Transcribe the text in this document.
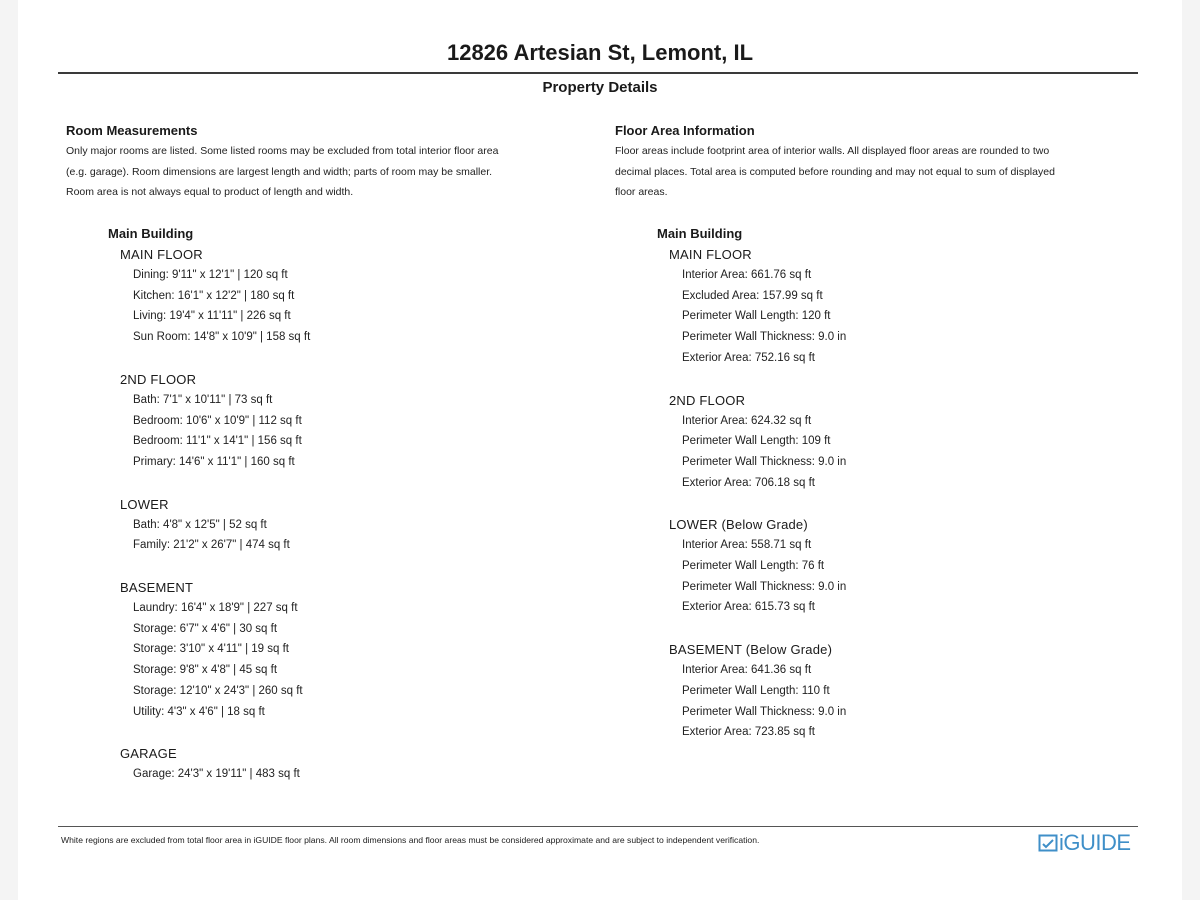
12826 Artesian St, Lemont, IL
Property Details
Room Measurements
Only major rooms are listed. Some listed rooms may be excluded from total interior floor area
(e.g. garage). Room dimensions are largest length and width; parts of room may be smaller.
Room area is not always equal to product of length and width.
Main Building
MAIN FLOOR
Dining: 9'11" x 12'1" | 120 sq ft
Kitchen: 16'1" x 12'2" | 180 sq ft
Living: 19'4" x 11'11" | 226 sq ft
Sun Room: 14'8" x 10'9" | 158 sq ft
2ND FLOOR
Bath: 7'1" x 10'11" | 73 sq ft
Bedroom: 10'6" x 10'9" | 112 sq ft
Bedroom: 11'1" x 14'1" | 156 sq ft
Primary: 14'6" x 11'1" | 160 sq ft
LOWER
Bath: 4'8" x 12'5" | 52 sq ft
Family: 21'2" x 26'7" | 474 sq ft
BASEMENT
Laundry: 16'4" x 18'9" | 227 sq ft
Storage: 6'7" x 4'6" | 30 sq ft
Storage: 3'10" x 4'11" | 19 sq ft
Storage: 9'8" x 4'8" | 45 sq ft
Storage: 12'10" x 24'3" | 260 sq ft
Utility: 4'3" x 4'6" | 18 sq ft
GARAGE
Garage: 24'3" x 19'11" | 483 sq ft
Floor Area Information
Floor areas include footprint area of interior walls. All displayed floor areas are rounded to two
decimal places. Total area is computed before rounding and may not equal to sum of displayed
floor areas.
Main Building
MAIN FLOOR
Interior Area: 661.76 sq ft
Excluded Area: 157.99 sq ft
Perimeter Wall Length: 120 ft
Perimeter Wall Thickness: 9.0 in
Exterior Area: 752.16 sq ft
2ND FLOOR
Interior Area: 624.32 sq ft
Perimeter Wall Length: 109 ft
Perimeter Wall Thickness: 9.0 in
Exterior Area: 706.18 sq ft
LOWER (Below Grade)
Interior Area: 558.71 sq ft
Perimeter Wall Length: 76 ft
Perimeter Wall Thickness: 9.0 in
Exterior Area: 615.73 sq ft
BASEMENT (Below Grade)
Interior Area: 641.36 sq ft
Perimeter Wall Length: 110 ft
Perimeter Wall Thickness: 9.0 in
Exterior Area: 723.85 sq ft
White regions are excluded from total floor area in iGUIDE floor plans. All room dimensions and floor areas must be considered approximate and are subject to independent verification.	iGUIDE
